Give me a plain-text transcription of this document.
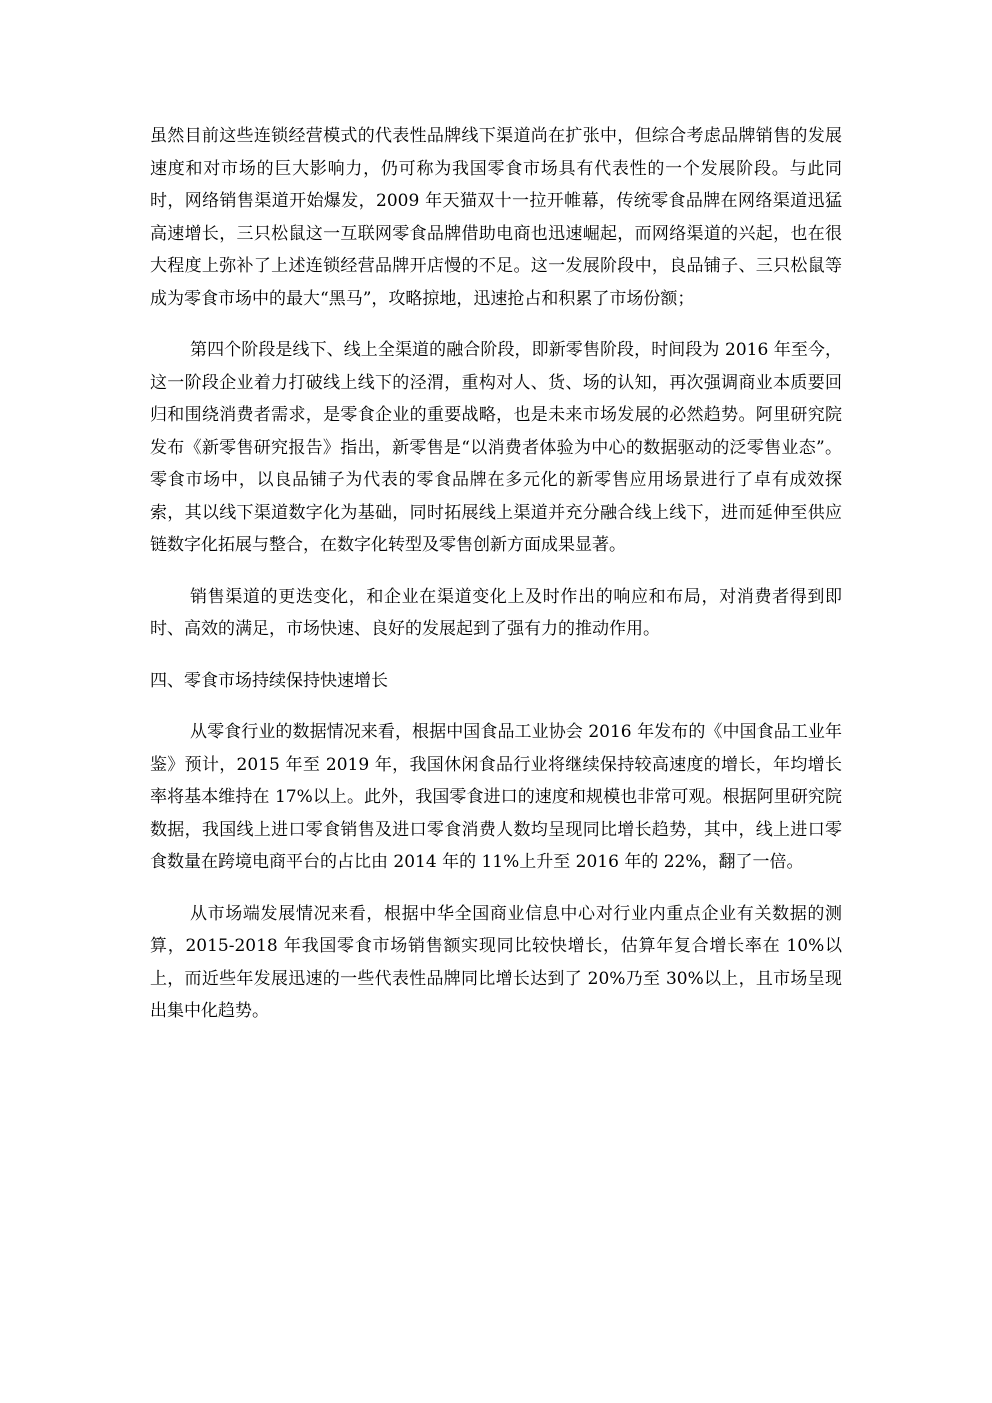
虽然目前这些连锁经营模式的代表性品牌线下渠道尚在扩张中，但综合考虑品牌销售的发展速度和对市场的巨大影响力，仍可称为我国零食市场具有代表性的一个发展阶段。与此同时，网络销售渠道开始爆发，2009 年天猫双十一拉开帷幕，传统零食品牌在网络渠道迅猛高速增长，三只松鼠这一互联网零食品牌借助电商也迅速崛起，而网络渠道的兴起，也在很大程度上弥补了上述连锁经营品牌开店慢的不足。这一发展阶段中，良品铺子、三只松鼠等成为零食市场中的最大“黑马”，攻略掠地，迅速抢占和积累了市场份额；

第四个阶段是线下、线上全渠道的融合阶段，即新零售阶段，时间段为 2016 年至今，这一阶段企业着力打破线上线下的泾渭，重构对人、货、场的认知，再次强调商业本质要回归和围绕消费者需求，是零食企业的重要战略，也是未来市场发展的必然趋势。阿里研究院发布《新零售研究报告》指出，新零售是“以消费者体验为中心的数据驱动的泛零售业态”。零食市场中，以良品铺子为代表的零食品牌在多元化的新零售应用场景进行了卓有成效探索，其以线下渠道数字化为基础，同时拓展线上渠道并充分融合线上线下，进而延伸至供应链数字化拓展与整合，在数字化转型及零售创新方面成果显著。

销售渠道的更迭变化，和企业在渠道变化上及时作出的响应和布局，对消费者得到即时、高效的满足，市场快速、良好的发展起到了强有力的推动作用。

四、零食市场持续保持快速增长

从零食行业的数据情况来看，根据中国食品工业协会 2016 年发布的《中国食品工业年鉴》预计，2015 年至 2019 年，我国休闲食品行业将继续保持较高速度的增长，年均增长率将基本维持在 17%以上。此外，我国零食进口的速度和规模也非常可观。根据阿里研究院数据，我国线上进口零食销售及进口零食消费人数均呈现同比增长趋势，其中，线上进口零食数量在跨境电商平台的占比由 2014 年的 11%上升至 2016 年的 22%，翻了一倍。

从市场端发展情况来看，根据中华全国商业信息中心对行业内重点企业有关数据的测算，2015-2018 年我国零食市场销售额实现同比较快增长，估算年复合增长率在 10%以上，而近些年发展迅速的一些代表性品牌同比增长达到了 20%乃至 30%以上，且市场呈现出集中化趋势。
